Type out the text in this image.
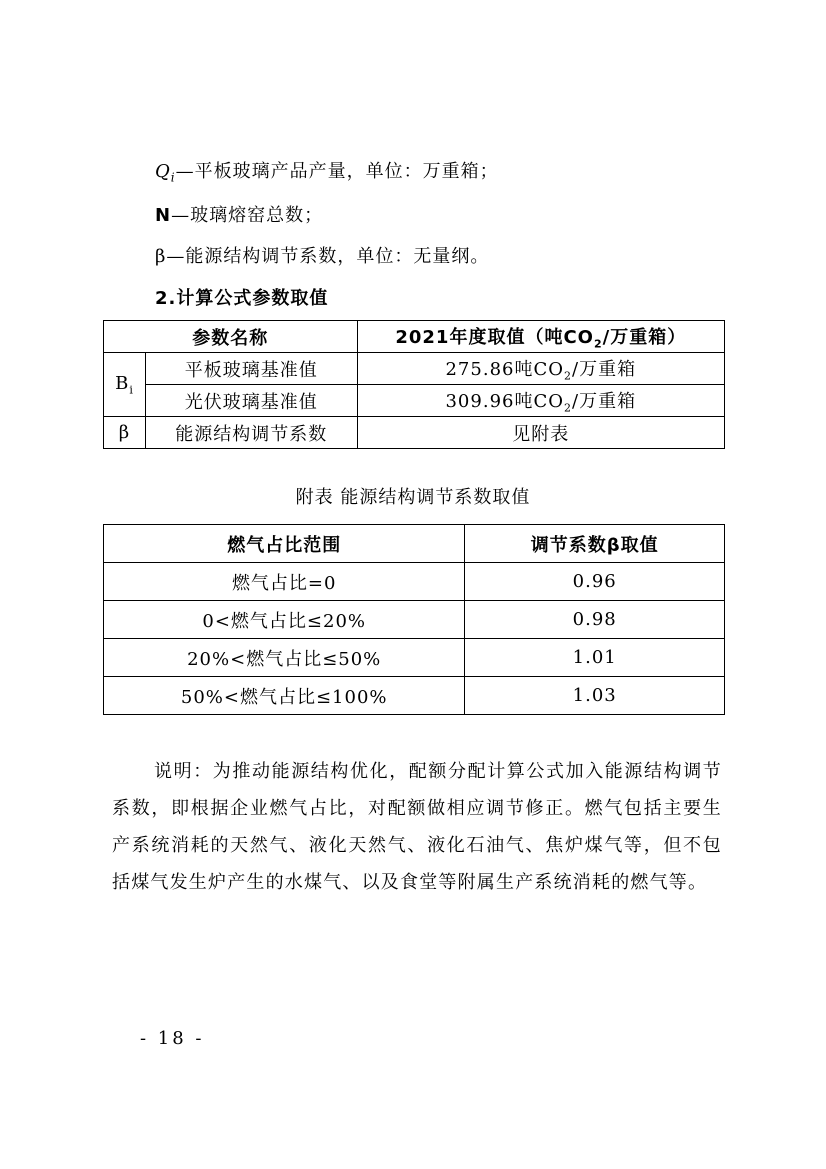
$Q_i—$平板玻璃产品产量，单位：万重箱；
N—玻璃熔窑总数；
β—能源结构调节系数，单位：无量纲。
2.计算公式参数取值
参数名称		2021年度取值（吨$CO_2/$万重箱）
$B_i$	平板玻璃基准值	275.86吨$CO_2/$万重箱
	光伏玻璃基准值	309.96吨$CO_2/$万重箱
β	能源结构调节系数	见附表
附表 能源结构调节系数取值
燃气占比范围	调节系数β取值
燃气占比=0	0.96
0<燃气占比≤20%	0.98
20%<燃气占比≤50%	1.01
50%<燃气占比≤100%	1.03
说明：为推动能源结构优化，配额分配计算公式加入能源结构调节系数，即根据企业燃气占比，对配额做相应调节修正。燃气包括主要生产系统消耗的天然气、液化天然气、液化石油气、焦炉煤气等，但不包括煤气发生炉产生的水煤气、以及食堂等附属生产系统消耗的燃气等。
- 18 -
